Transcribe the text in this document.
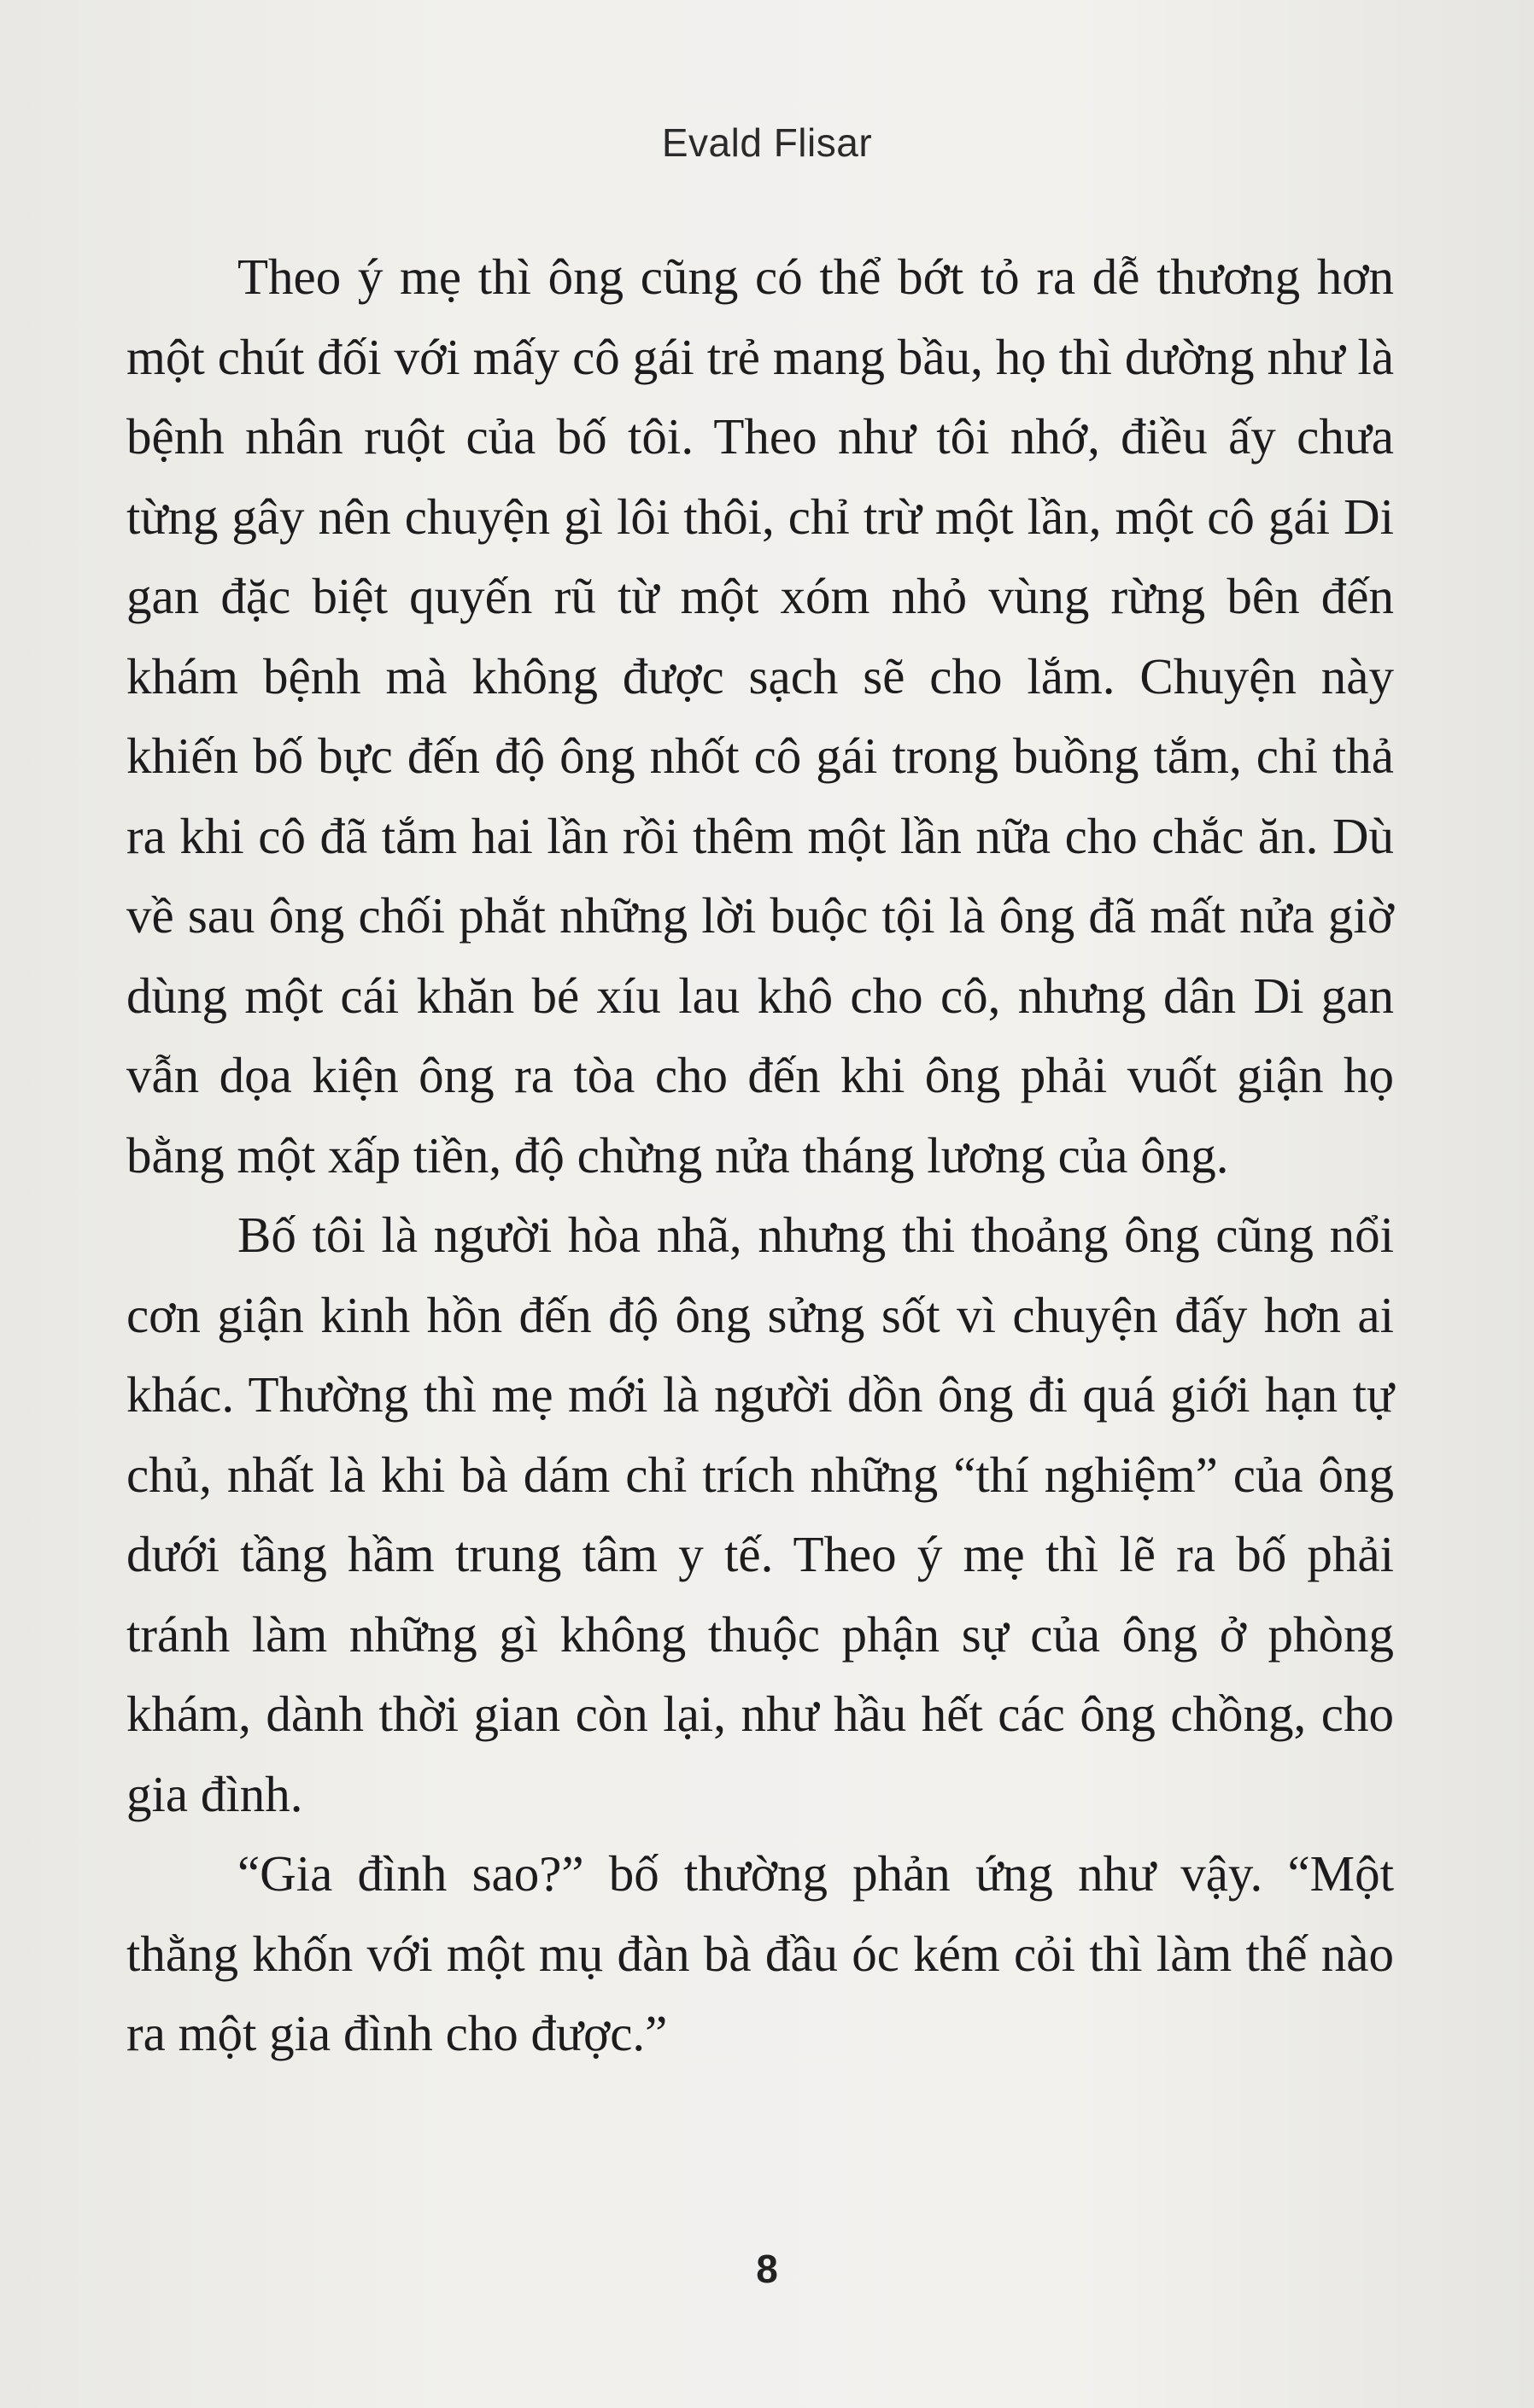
Evald Flisar

Theo ý mẹ thì ông cũng có thể bớt tỏ ra dễ thương hơn một chút đối với mấy cô gái trẻ mang bầu, họ thì dường như là bệnh nhân ruột của bố tôi. Theo như tôi nhớ, điều ấy chưa từng gây nên chuyện gì lôi thôi, chỉ trừ một lần, một cô gái Di gan đặc biệt quyến rũ từ một xóm nhỏ vùng rừng bên đến khám bệnh mà không được sạch sẽ cho lắm. Chuyện này khiến bố bực đến độ ông nhốt cô gái trong buồng tắm, chỉ thả ra khi cô đã tắm hai lần rồi thêm một lần nữa cho chắc ăn. Dù về sau ông chối phắt những lời buộc tội là ông đã mất nửa giờ dùng một cái khăn bé xíu lau khô cho cô, nhưng dân Di gan vẫn dọa kiện ông ra tòa cho đến khi ông phải vuốt giận họ bằng một xấp tiền, độ chừng nửa tháng lương của ông.

Bố tôi là người hòa nhã, nhưng thi thoảng ông cũng nổi cơn giận kinh hồn đến độ ông sửng sốt vì chuyện đấy hơn ai khác. Thường thì mẹ mới là người dồn ông đi quá giới hạn tự chủ, nhất là khi bà dám chỉ trích những “thí nghiệm” của ông dưới tầng hầm trung tâm y tế. Theo ý mẹ thì lẽ ra bố phải tránh làm những gì không thuộc phận sự của ông ở phòng khám, dành thời gian còn lại, như hầu hết các ông chồng, cho gia đình.

“Gia đình sao?” bố thường phản ứng như vậy. “Một thằng khốn với một mụ đàn bà đầu óc kém cỏi thì làm thế nào ra một gia đình cho được.”

8
